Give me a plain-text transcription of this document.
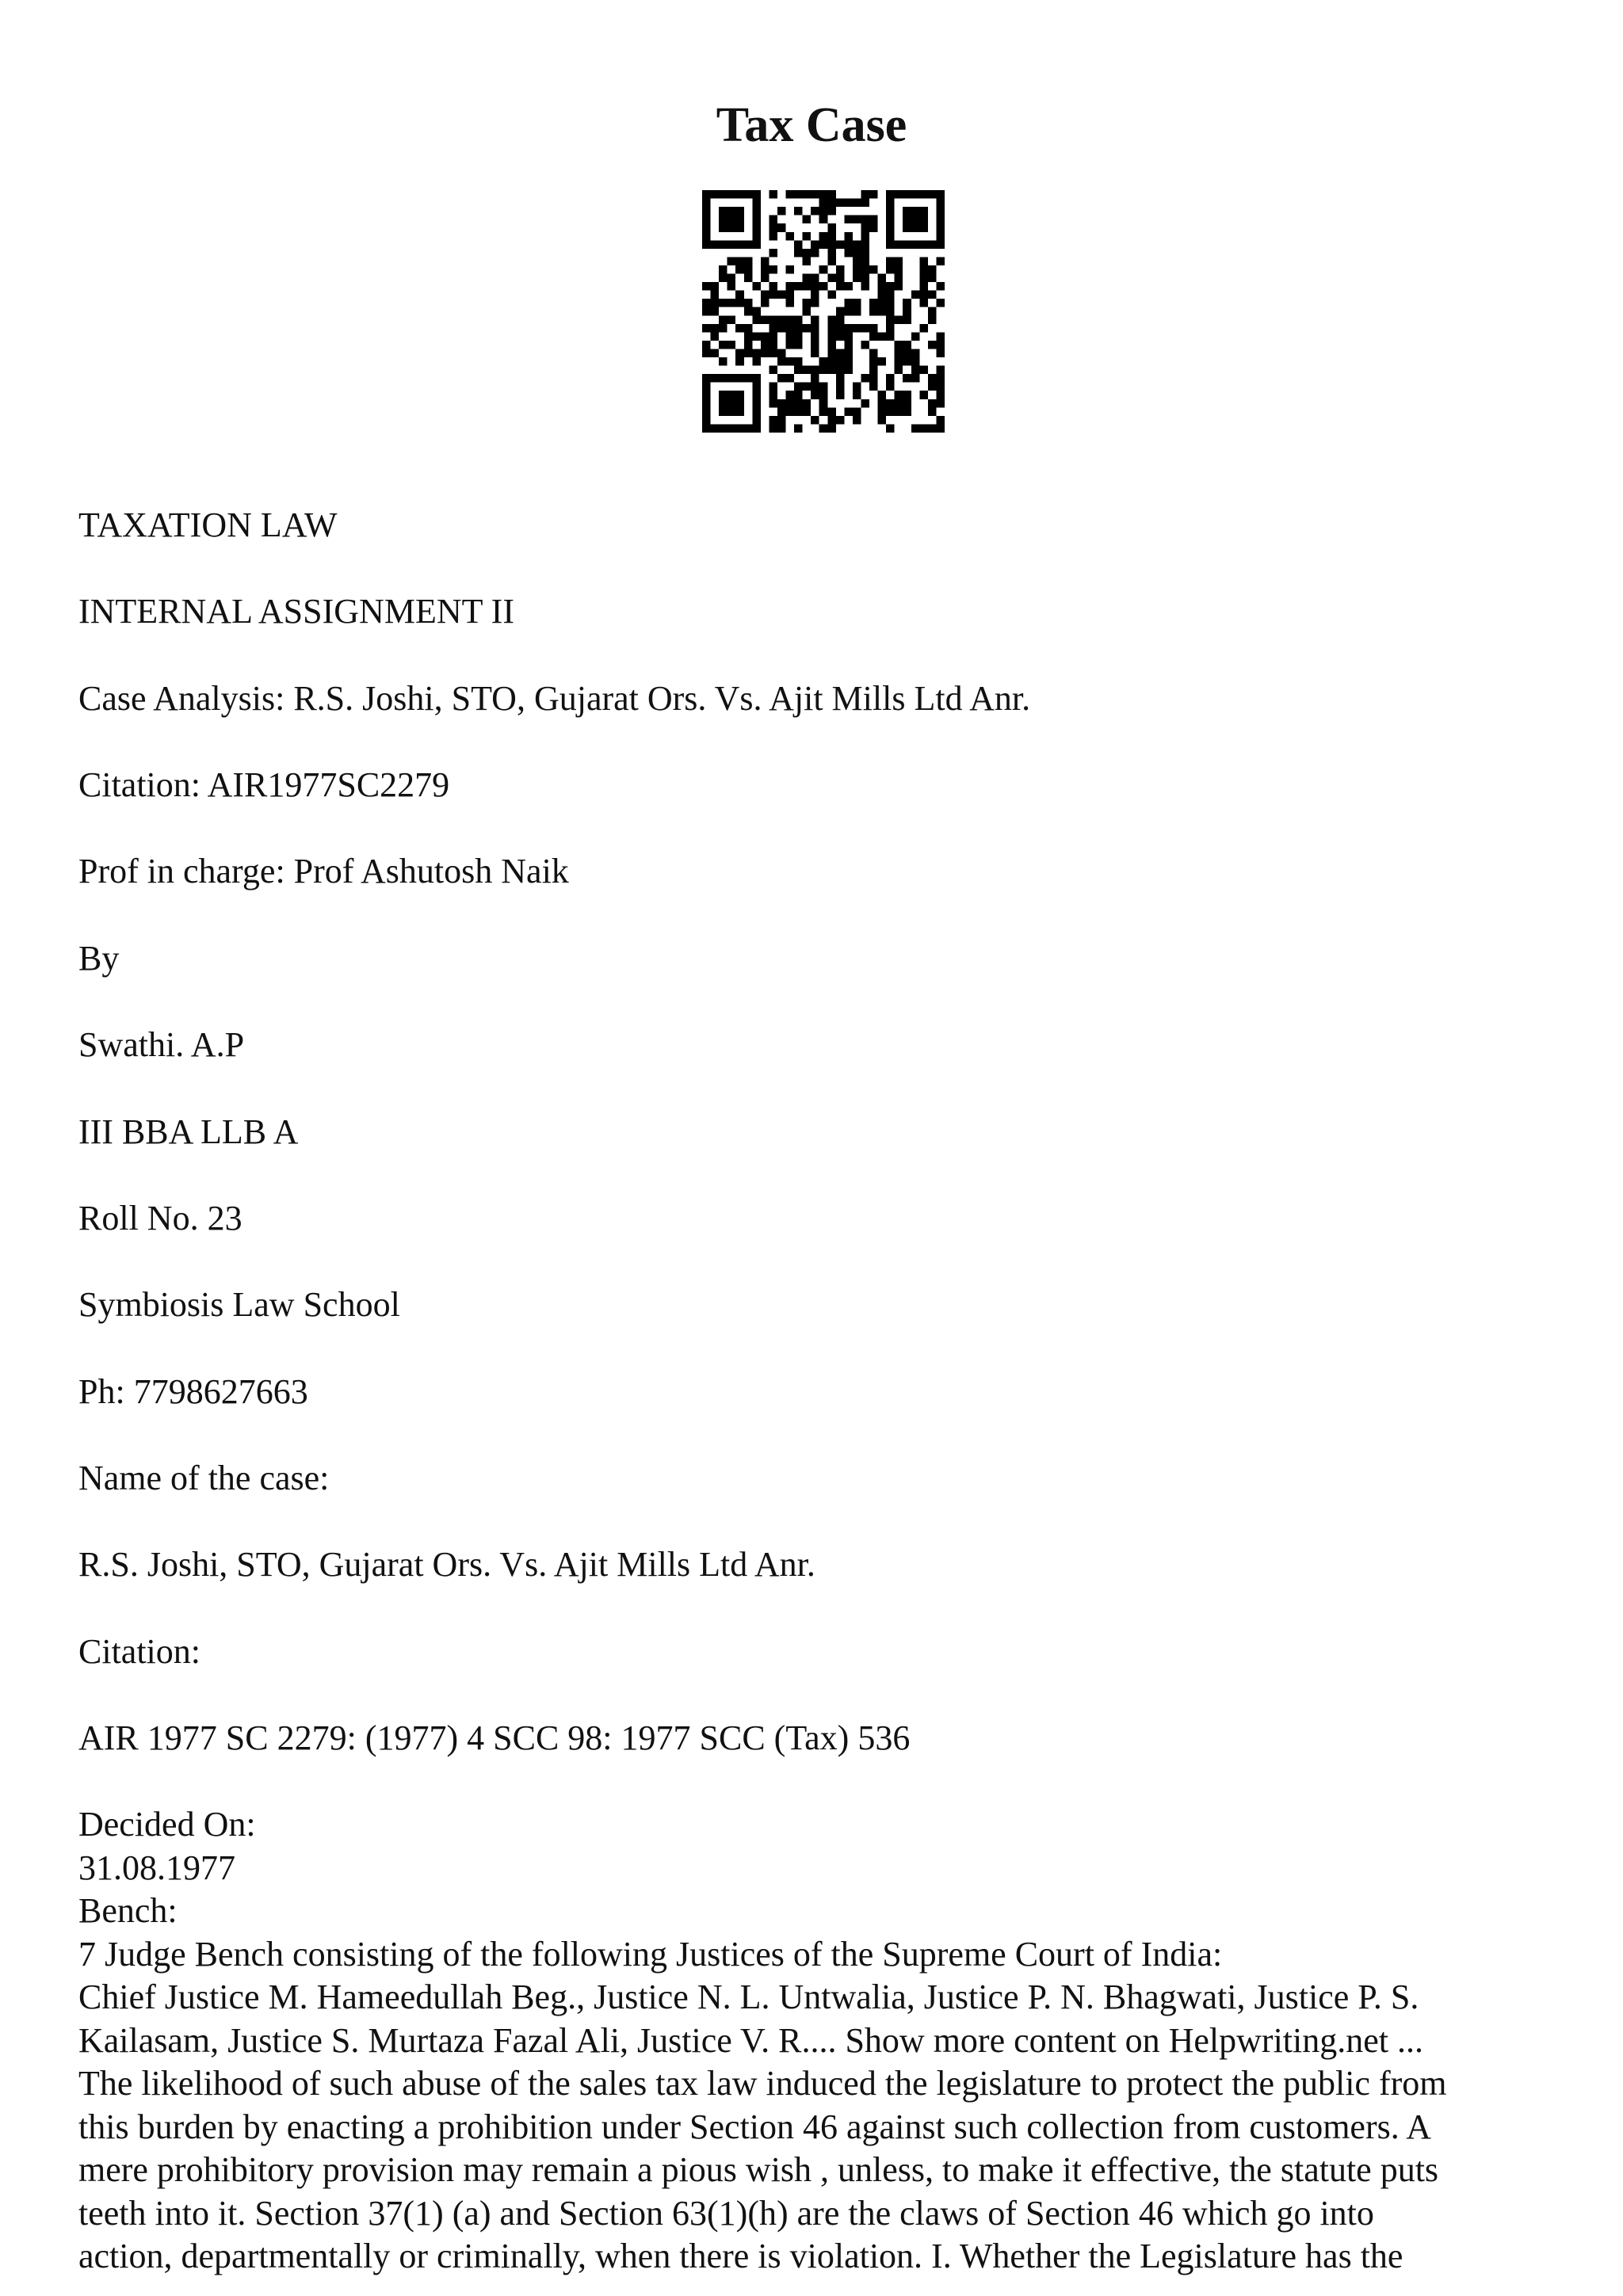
Tax Case
TAXATION LAW
INTERNAL ASSIGNMENT II
Case Analysis: R.S. Joshi, STO, Gujarat Ors. Vs. Ajit Mills Ltd Anr.
Citation: AIR1977SC2279
Prof in charge: Prof Ashutosh Naik
By
Swathi. A.P
III BBA LLB A
Roll No. 23
Symbiosis Law School
Ph: 7798627663
Name of the case:
R.S. Joshi, STO, Gujarat Ors. Vs. Ajit Mills Ltd Anr.
Citation:
AIR 1977 SC 2279: (1977) 4 SCC 98: 1977 SCC (Tax) 536
Decided On:
31.08.1977
Bench:
7 Judge Bench consisting of the following Justices of the Supreme Court of India:
Chief Justice M. Hameedullah Beg., Justice N. L. Untwalia, Justice P. N. Bhagwati, Justice P. S.
Kailasam, Justice S. Murtaza Fazal Ali, Justice V. R.... Show more content on Helpwriting.net ...
The likelihood of such abuse of the sales tax law induced the legislature to protect the public from
this burden by enacting a prohibition under Section 46 against such collection from customers. A
mere prohibitory provision may remain a pious wish , unless, to make it effective, the statute puts
teeth into it. Section 37(1) (a) and Section 63(1)(h) are the claws of Section 46 which go into
action, departmentally or criminally, when there is violation. I. Whether the Legislature has the
